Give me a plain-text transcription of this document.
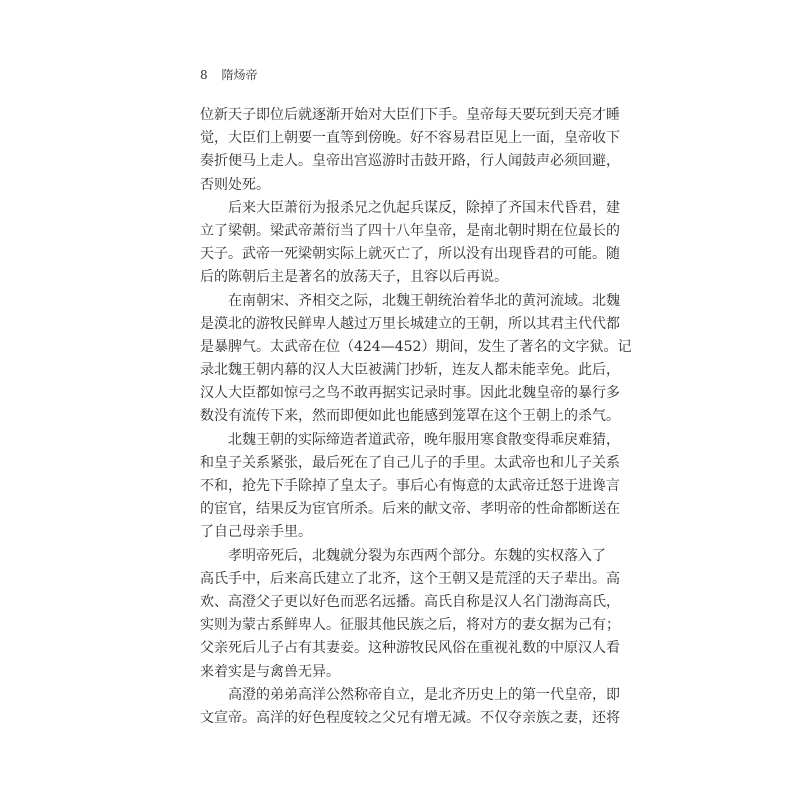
8 隋炀帝
位新天子即位后就逐渐开始对大臣们下手。皇帝每天要玩到天亮才睡
觉，大臣们上朝要一直等到傍晚。好不容易君臣见上一面，皇帝收下
奏折便马上走人。皇帝出宫巡游时击鼓开路，行人闻鼓声必须回避，
否则处死。
后来大臣萧衍为报杀兄之仇起兵谋反，除掉了齐国末代昏君，建
立了梁朝。梁武帝萧衍当了四十八年皇帝，是南北朝时期在位最长的
天子。武帝一死梁朝实际上就灭亡了，所以没有出现昏君的可能。随
后的陈朝后主是著名的放荡天子，且容以后再说。
在南朝宋、齐相交之际，北魏王朝统治着华北的黄河流域。北魏
是漠北的游牧民鲜卑人越过万里长城建立的王朝，所以其君主代代都
是暴脾气。太武帝在位（424—452）期间，发生了著名的文字狱。记
录北魏王朝内幕的汉人大臣被满门抄斩，连友人都未能幸免。此后，
汉人大臣都如惊弓之鸟不敢再据实记录时事。因此北魏皇帝的暴行多
数没有流传下来，然而即便如此也能感到笼罩在这个王朝上的杀气。
北魏王朝的实际缔造者道武帝，晚年服用寒食散变得乖戾难猜，
和皇子关系紧张，最后死在了自己儿子的手里。太武帝也和儿子关系
不和，抢先下手除掉了皇太子。事后心有悔意的太武帝迁怒于进谗言
的宦官，结果反为宦官所杀。后来的献文帝、孝明帝的性命都断送在
了自己母亲手里。
孝明帝死后，北魏就分裂为东西两个部分。东魏的实权落入了
高氏手中，后来高氏建立了北齐，这个王朝又是荒淫的天子辈出。高
欢、高澄父子更以好色而恶名远播。高氏自称是汉人名门渤海高氏，
实则为蒙古系鲜卑人。征服其他民族之后，将对方的妻女据为己有；
父亲死后儿子占有其妻妾。这种游牧民风俗在重视礼数的中原汉人看
来着实是与禽兽无异。
高澄的弟弟高洋公然称帝自立，是北齐历史上的第一代皇帝，即
文宣帝。高洋的好色程度较之父兄有增无减。不仅夺亲族之妻，还将
